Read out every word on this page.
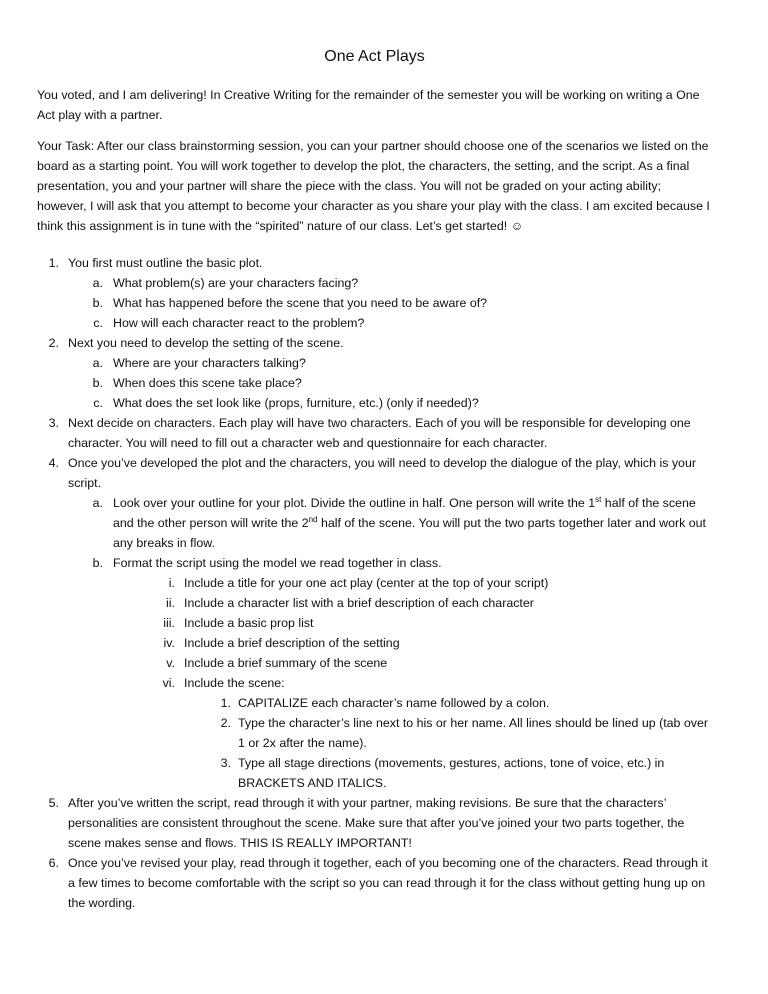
One Act Plays

You voted, and I am delivering! In Creative Writing for the remainder of the semester you will be working on writing a One Act play with a partner.

Your Task: After our class brainstorming session, you can your partner should choose one of the scenarios we listed on the board as a starting point. You will work together to develop the plot, the characters, the setting, and the script. As a final presentation, you and your partner will share the piece with the class. You will not be graded on your acting ability; however, I will ask that you attempt to become your character as you share your play with the class. I am excited because I think this assignment is in tune with the “spirited” nature of our class. Let’s get started! ☺

1. You first must outline the basic plot.
a. What problem(s) are your characters facing?
b. What has happened before the scene that you need to be aware of?
c. How will each character react to the problem?
2. Next you need to develop the setting of the scene.
a. Where are your characters talking?
b. When does this scene take place?
c. What does the set look like (props, furniture, etc.) (only if needed)?
3. Next decide on characters. Each play will have two characters. Each of you will be responsible for developing one character. You will need to fill out a character web and questionnaire for each character.
4. Once you’ve developed the plot and the characters, you will need to develop the dialogue of the play, which is your script.
a. Look over your outline for your plot. Divide the outline in half. One person will write the 1st half of the scene and the other person will write the 2nd half of the scene. You will put the two parts together later and work out any breaks in flow.
b. Format the script using the model we read together in class.
i. Include a title for your one act play (center at the top of your script)
ii. Include a character list with a brief description of each character
iii. Include a basic prop list
iv. Include a brief description of the setting
v. Include a brief summary of the scene
vi. Include the scene:
1. CAPITALIZE each character’s name followed by a colon.
2. Type the character’s line next to his or her name. All lines should be lined up (tab over 1 or 2x after the name).
3. Type all stage directions (movements, gestures, actions, tone of voice, etc.) in BRACKETS AND ITALICS.
5. After you’ve written the script, read through it with your partner, making revisions. Be sure that the characters’ personalities are consistent throughout the scene. Make sure that after you’ve joined your two parts together, the scene makes sense and flows. THIS IS REALLY IMPORTANT!
6. Once you’ve revised your play, read through it together, each of you becoming one of the characters. Read through it a few times to become comfortable with the script so you can read through it for the class without getting hung up on the wording.
